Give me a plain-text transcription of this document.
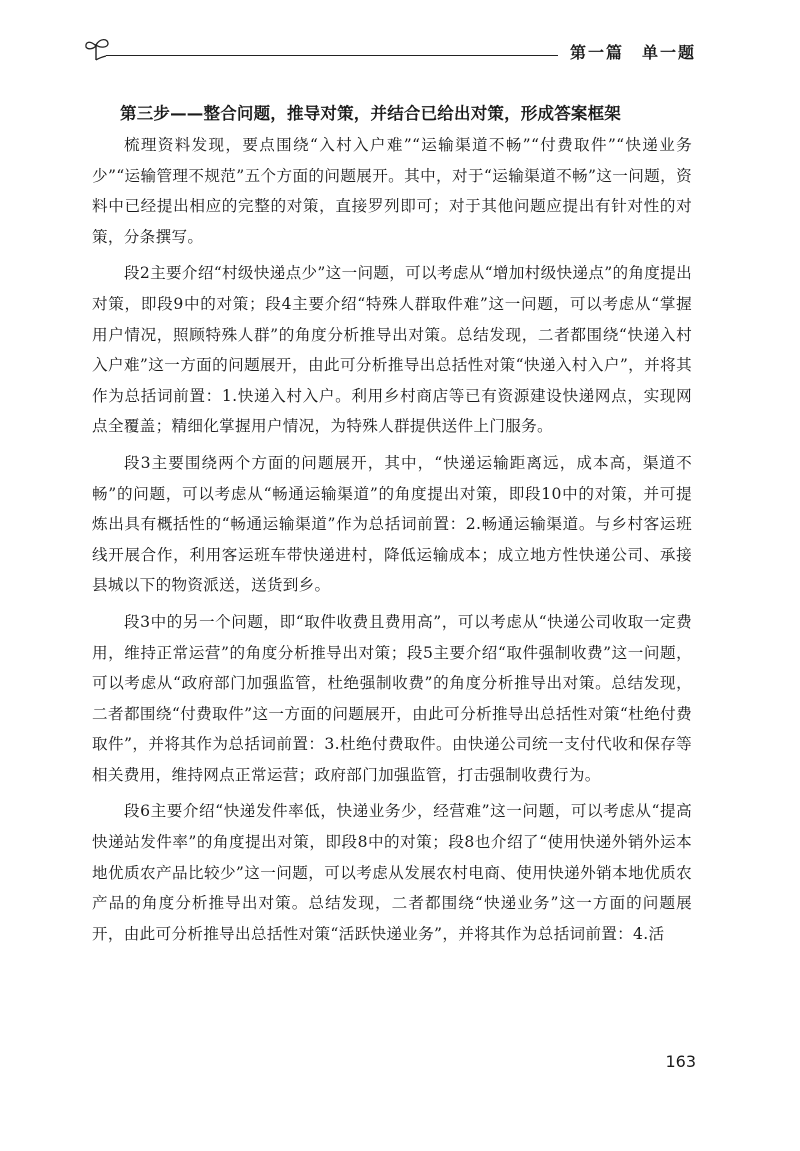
第一篇　单一题
第三步——整合问题，推导对策，并结合已给出对策，形成答案框架

梳理资料发现，要点围绕“入村入户难”“运输渠道不畅”“付费取件”“快递业务少”“运输管理不规范”五个方面的问题展开。其中，对于“运输渠道不畅”这一问题，资料中已经提出相应的完整的对策，直接罗列即可；对于其他问题应提出有针对性的对策，分条撰写。

段2主要介绍“村级快递点少”这一问题，可以考虑从“增加村级快递点”的角度提出对策，即段9中的对策；段4主要介绍“特殊人群取件难”这一问题，可以考虑从“掌握用户情况，照顾特殊人群”的角度分析推导出对策。总结发现，二者都围绕“快递入村入户难”这一方面的问题展开，由此可分析推导出总括性对策“快递入村入户”，并将其作为总括词前置：1.快递入村入户。利用乡村商店等已有资源建设快递网点，实现网点全覆盖；精细化掌握用户情况，为特殊人群提供送件上门服务。

段3主要围绕两个方面的问题展开，其中，“快递运输距离远，成本高，渠道不畅”的问题，可以考虑从“畅通运输渠道”的角度提出对策，即段10中的对策，并可提炼出具有概括性的“畅通运输渠道”作为总括词前置：2.畅通运输渠道。与乡村客运班线开展合作，利用客运班车带快递进村，降低运输成本；成立地方性快递公司、承接县城以下的物资派送，送货到乡。

段3中的另一个问题，即“取件收费且费用高”，可以考虑从“快递公司收取一定费用，维持正常运营”的角度分析推导出对策；段5主要介绍“取件强制收费”这一问题，可以考虑从“政府部门加强监管，杜绝强制收费”的角度分析推导出对策。总结发现，二者都围绕“付费取件”这一方面的问题展开，由此可分析推导出总括性对策“杜绝付费取件”，并将其作为总括词前置：3.杜绝付费取件。由快递公司统一支付代收和保存等相关费用，维持网点正常运营；政府部门加强监管，打击强制收费行为。

段6主要介绍“快递发件率低，快递业务少，经营难”这一问题，可以考虑从“提高快递站发件率”的角度提出对策，即段8中的对策；段8也介绍了“使用快递外销外运本地优质农产品比较少”这一问题，可以考虑从发展农村电商、使用快递外销本地优质农产品的角度分析推导出对策。总结发现，二者都围绕“快递业务”这一方面的问题展开，由此可分析推导出总括性对策“活跃快递业务”，并将其作为总括词前置：4.活

163
